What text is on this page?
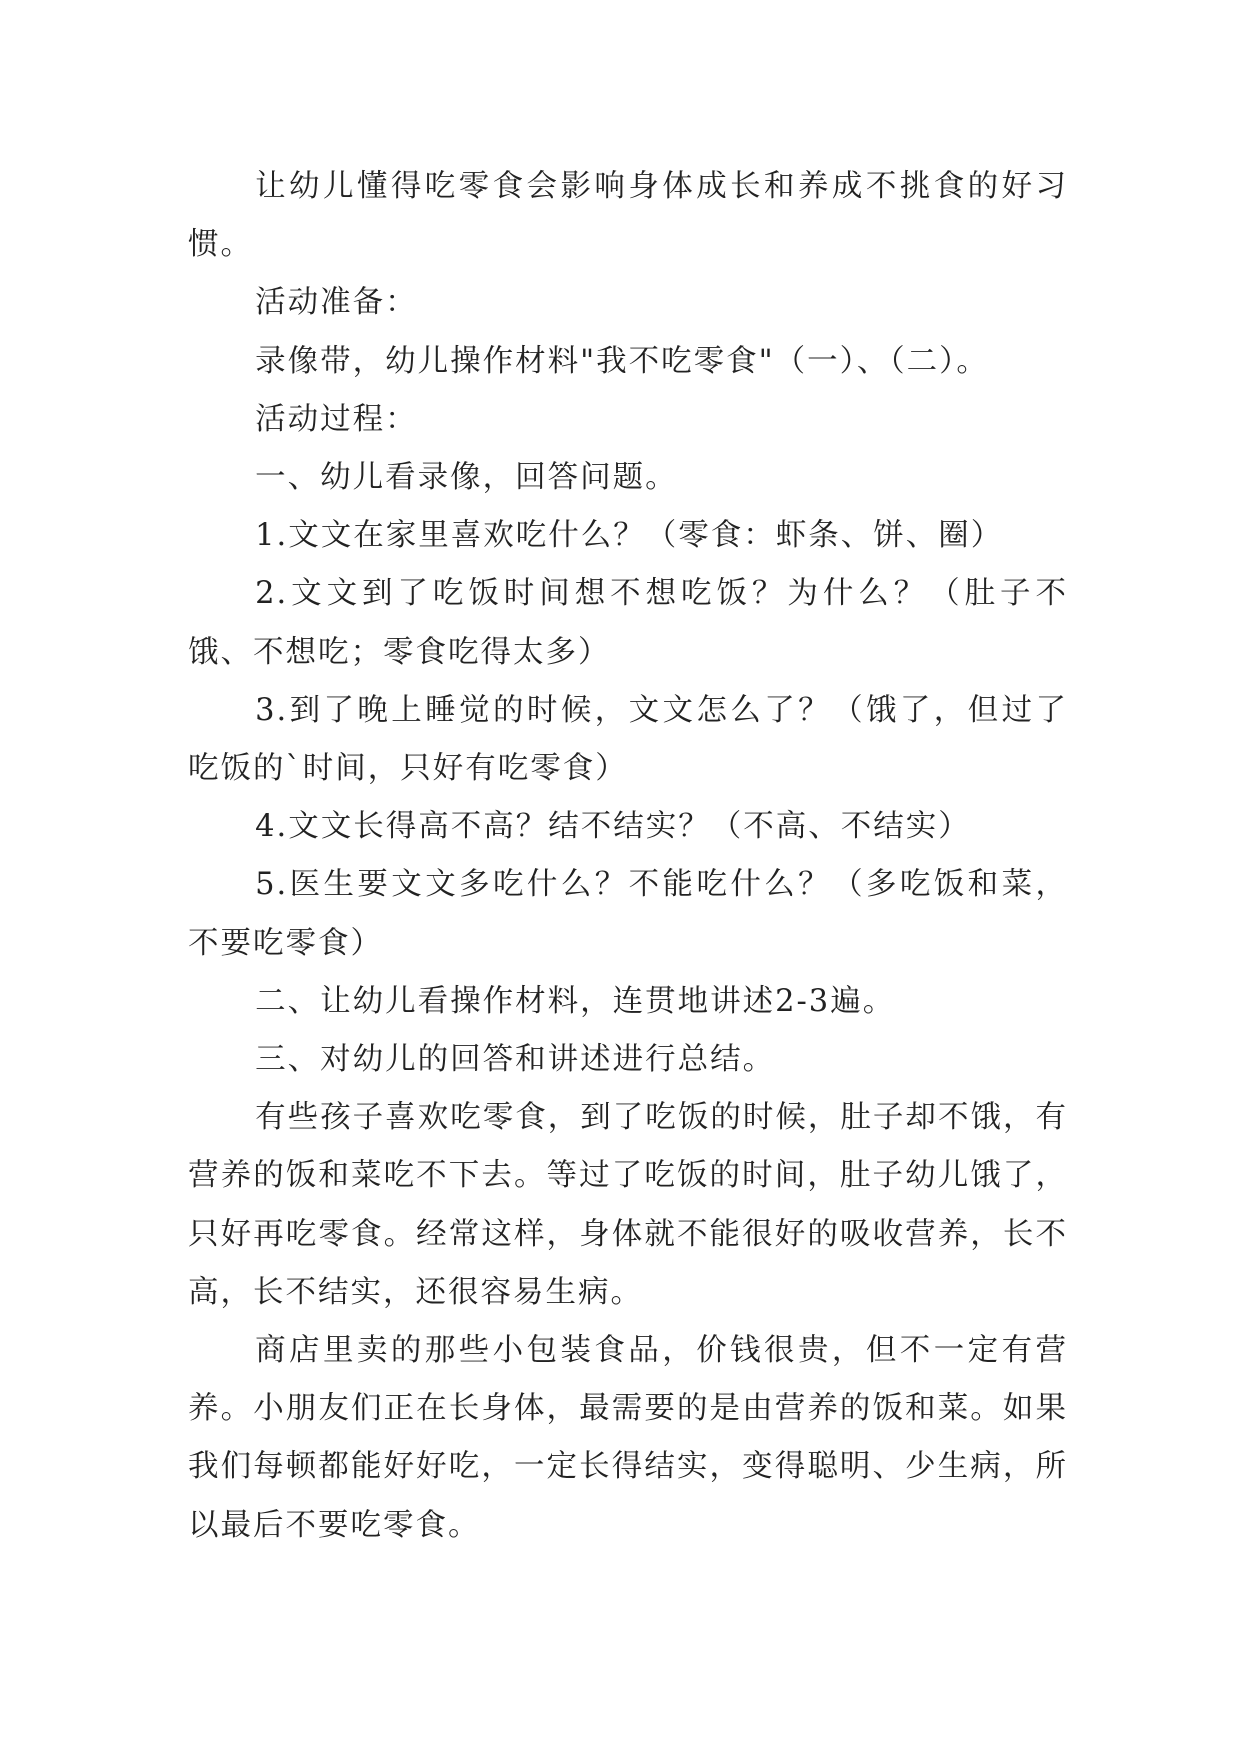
让幼儿懂得吃零食会影响身体成长和养成不挑食的好习惯。

活动准备：

录像带，幼儿操作材料"我不吃零食"（一）、（二）。

活动过程：

一、幼儿看录像，回答问题。

1.文文在家里喜欢吃什么？（零食：虾条、饼、圈）

2.文文到了吃饭时间想不想吃饭？为什么？（肚子不饿、不想吃；零食吃得太多）

3.到了晚上睡觉的时候，文文怎么了？（饿了，但过了吃饭的`时间，只好有吃零食）

4.文文长得高不高？结不结实？（不高、不结实）

5.医生要文文多吃什么？不能吃什么？（多吃饭和菜，不要吃零食）

二、让幼儿看操作材料，连贯地讲述2-3遍。

三、对幼儿的回答和讲述进行总结。

有些孩子喜欢吃零食，到了吃饭的时候，肚子却不饿，有营养的饭和菜吃不下去。等过了吃饭的时间，肚子幼儿饿了，只好再吃零食。经常这样，身体就不能很好的吸收营养，长不高，长不结实，还很容易生病。

商店里卖的那些小包装食品，价钱很贵，但不一定有营养。小朋友们正在长身体，最需要的是由营养的饭和菜。如果我们每顿都能好好吃，一定长得结实，变得聪明、少生病，所以最后不要吃零食。
